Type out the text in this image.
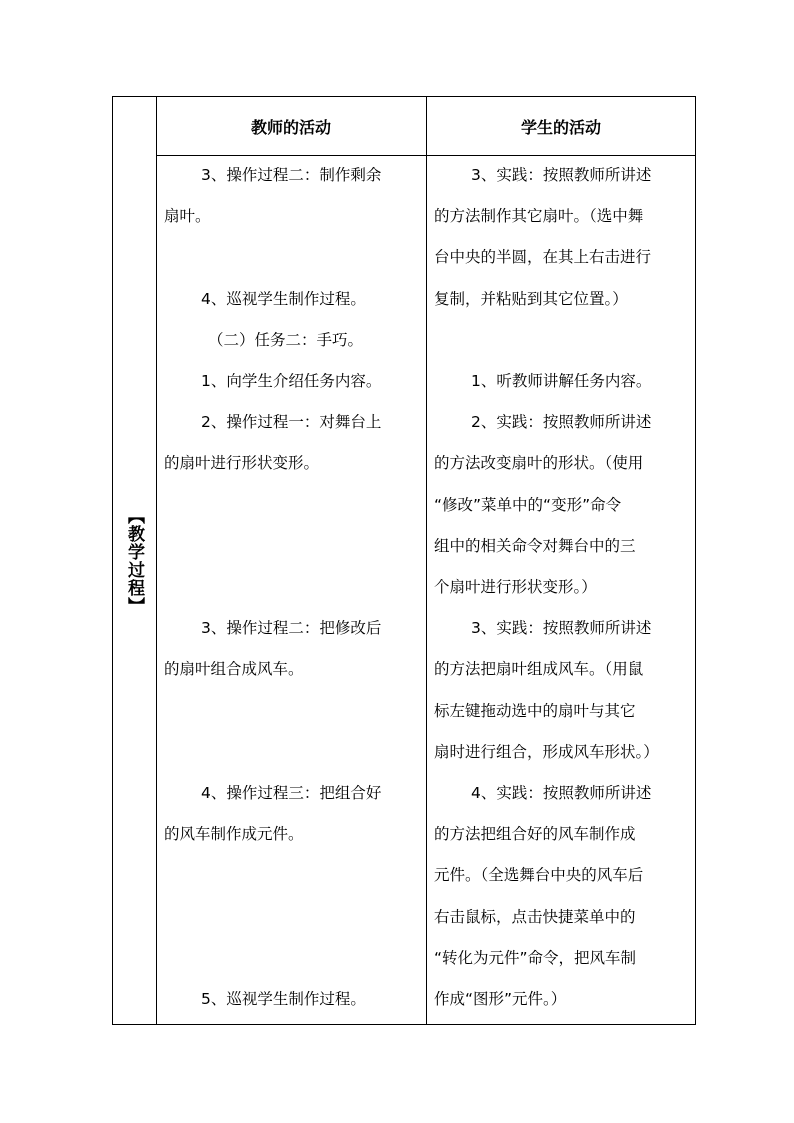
【教学过程】
教师的活动	学生的活动

3、操作过程二：制作剩余

扇叶。

4、巡视学生制作过程。

（二）任务二：手巧。

1、向学生介绍任务内容。

2、操作过程一：对舞台上

的扇叶进行形状变形。

3、操作过程二：把修改后

的扇叶组合成风车。

4、操作过程三：把组合好

的风车制作成元件。

5、巡视学生制作过程。

3、实践：按照教师所讲述

的方法制作其它扇叶。（选中舞

台中央的半圆，在其上右击进行

复制，并粘贴到其它位置。）

1、听教师讲解任务内容。

2、实践：按照教师所讲述

的方法改变扇叶的形状。（使用

“修改”菜单中的“变形”命令

组中的相关命令对舞台中的三

个扇叶进行形状变形。）

3、实践：按照教师所讲述

的方法把扇叶组成风车。（用鼠

标左键拖动选中的扇叶与其它

扇时进行组合，形成风车形状。）

4、实践：按照教师所讲述

的方法把组合好的风车制作成

元件。（全选舞台中央的风车后

右击鼠标，点击快捷菜单中的

“转化为元件”命令，把风车制

作成“图形”元件。）
